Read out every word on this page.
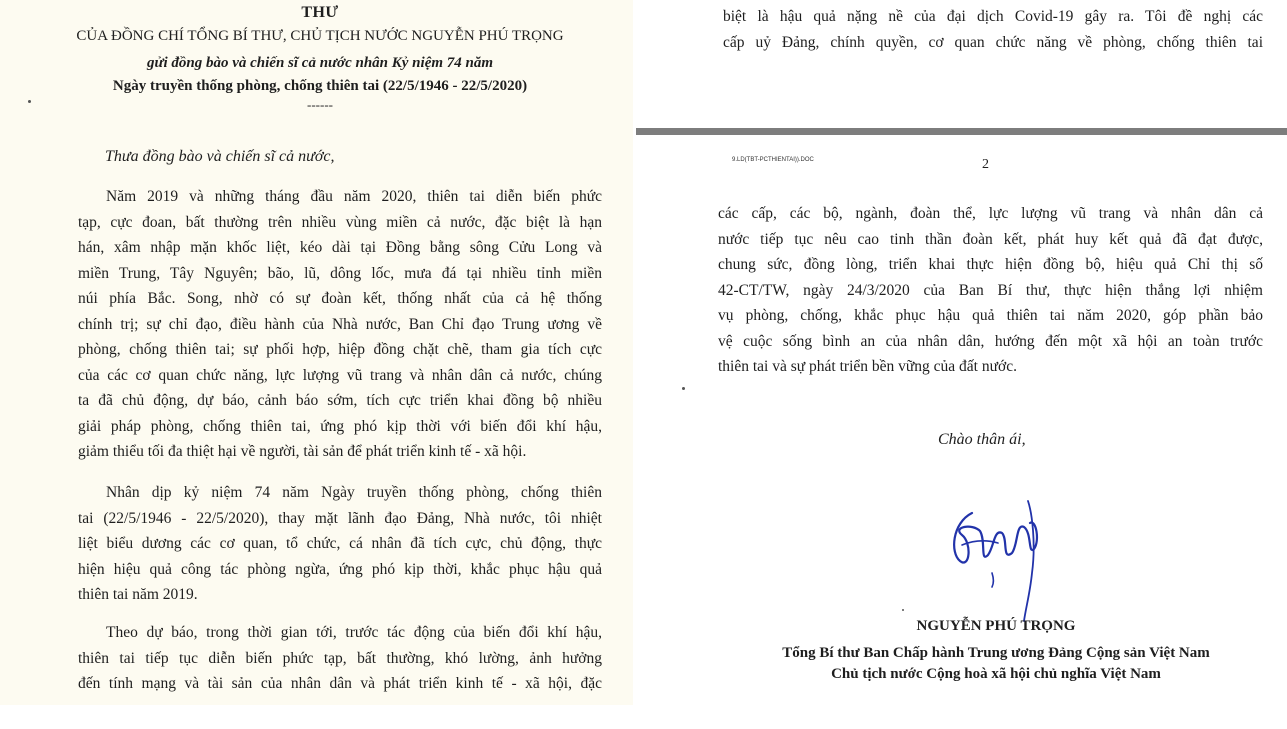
THƯ
CỦA ĐỒNG CHÍ TỔNG BÍ THƯ, CHỦ TỊCH NƯỚC NGUYỄN PHÚ TRỌNG
gửi đồng bào và chiến sĩ cả nước nhân Kỷ niệm 74 năm
Ngày truyền thống phòng, chống thiên tai (22/5/1946 - 22/5/2020)
------
Thưa đồng bào và chiến sĩ cả nước,
Năm 2019 và những tháng đầu năm 2020, thiên tai diễn biến phức
tạp, cực đoan, bất thường trên nhiều vùng miền cả nước, đặc biệt là hạn
hán, xâm nhập mặn khốc liệt, kéo dài tại Đồng bằng sông Cửu Long và
miền Trung, Tây Nguyên; bão, lũ, dông lốc, mưa đá tại nhiều tỉnh miền
núi phía Bắc. Song, nhờ có sự đoàn kết, thống nhất của cả hệ thống
chính trị; sự chỉ đạo, điều hành của Nhà nước, Ban Chỉ đạo Trung ương về
phòng, chống thiên tai; sự phối hợp, hiệp đồng chặt chẽ, tham gia tích cực
của các cơ quan chức năng, lực lượng vũ trang và nhân dân cả nước, chúng
ta đã chủ động, dự báo, cảnh báo sớm, tích cực triển khai đồng bộ nhiều
giải pháp phòng, chống thiên tai, ứng phó kịp thời với biến đổi khí hậu,
giảm thiểu tối đa thiệt hại về người, tài sản để phát triển kinh tế - xã hội.
Nhân dịp kỷ niệm 74 năm Ngày truyền thống phòng, chống thiên
tai (22/5/1946 - 22/5/2020), thay mặt lãnh đạo Đảng, Nhà nước, tôi nhiệt
liệt biểu dương các cơ quan, tổ chức, cá nhân đã tích cực, chủ động, thực
hiện hiệu quả công tác phòng ngừa, ứng phó kịp thời, khắc phục hậu quả
thiên tai năm 2019.
Theo dự báo, trong thời gian tới, trước tác động của biến đổi khí hậu,
thiên tai tiếp tục diễn biến phức tạp, bất thường, khó lường, ảnh hưởng
đến tính mạng và tài sản của nhân dân và phát triển kinh tế - xã hội, đặc
biệt là hậu quả nặng nề của đại dịch Covid-19 gây ra. Tôi đề nghị các
cấp uỷ Đảng, chính quyền, cơ quan chức năng về phòng, chống thiên tai
9.LD(TBT-PCTHIENTAI)).DOC	2
các cấp, các bộ, ngành, đoàn thể, lực lượng vũ trang và nhân dân cả
nước tiếp tục nêu cao tinh thần đoàn kết, phát huy kết quả đã đạt được,
chung sức, đồng lòng, triển khai thực hiện đồng bộ, hiệu quả Chỉ thị số
42-CT/TW, ngày 24/3/2020 của Ban Bí thư, thực hiện thắng lợi nhiệm
vụ phòng, chống, khắc phục hậu quả thiên tai năm 2020, góp phần bảo
vệ cuộc sống bình an của nhân dân, hướng đến một xã hội an toàn trước
thiên tai và sự phát triển bền vững của đất nước.
Chào thân ái,
NGUYỄN PHÚ TRỌNG
Tổng Bí thư Ban Chấp hành Trung ương Đảng Cộng sản Việt Nam
Chủ tịch nước Cộng hoà xã hội chủ nghĩa Việt Nam
